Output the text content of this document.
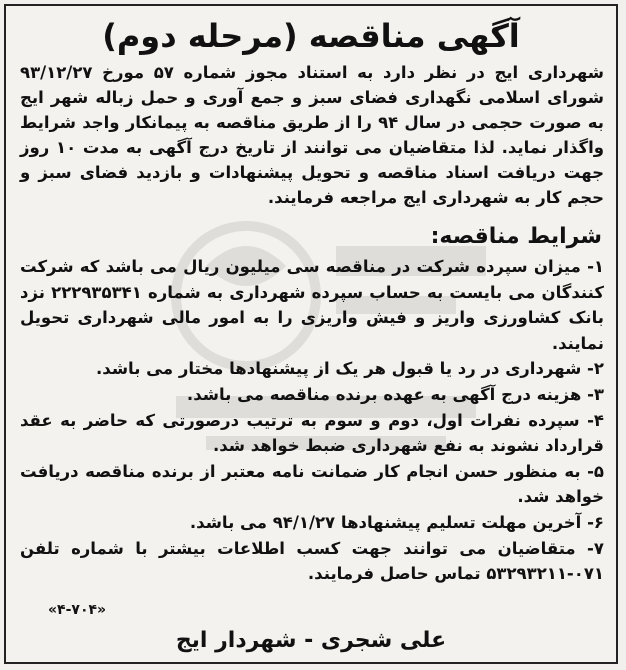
آگهی مناقصه (مرحله دوم)
شهرداری ایج در نظر دارد به استناد مجوز شماره ۵۷ مورخ ۹۳/۱۲/۲۷ شورای اسلامی نگهداری فضای سبز و جمع آوری و حمل زباله شهر ایج به صورت حجمی در سال ۹۴ را از طریق مناقصه به پیمانکار واجد شرایط واگذار نماید. لذا متقاضیان می توانند از تاریخ درج آگهی به مدت ۱۰ روز جهت دریافت اسناد مناقصه و تحویل پیشنهادات و بازدید فضای سبز و حجم کار به شهرداری ایج مراجعه فرمایند.
شرایط مناقصه:
۱- میزان سپرده شرکت در مناقصه سی میلیون ریال می باشد که شرکت کنندگان می بایست به حساب سپرده شهرداری به شماره ۲۲۲۹۳۵۳۴۱ نزد بانک کشاورزی واریز و فیش واریزی را به امور مالی شهرداری تحویل نمایند.
۲- شهرداری در رد یا قبول هر یک از پیشنهادها مختار می باشد.
۳- هزینه درج آگهی به عهده برنده مناقصه می باشد.
۴- سپرده نفرات اول، دوم و سوم به ترتیب درصورتی که حاضر به عقد قرارداد نشوند به نفع شهرداری ضبط خواهد شد.
۵- به منظور حسن انجام کار ضمانت نامه معتبر از برنده مناقصه دریافت خواهد شد.
۶- آخرین مهلت تسلیم پیشنهادها ۹۴/۱/۲۷ می باشد.
۷- متقاضیان می توانند جهت کسب اطلاعات بیشتر با شماره تلفن ۰۷۱-۵۳۲۹۳۲۱۱ تماس حاصل فرمایند.
«۴-۷۰۴»
علی شجری - شهردار ایج
